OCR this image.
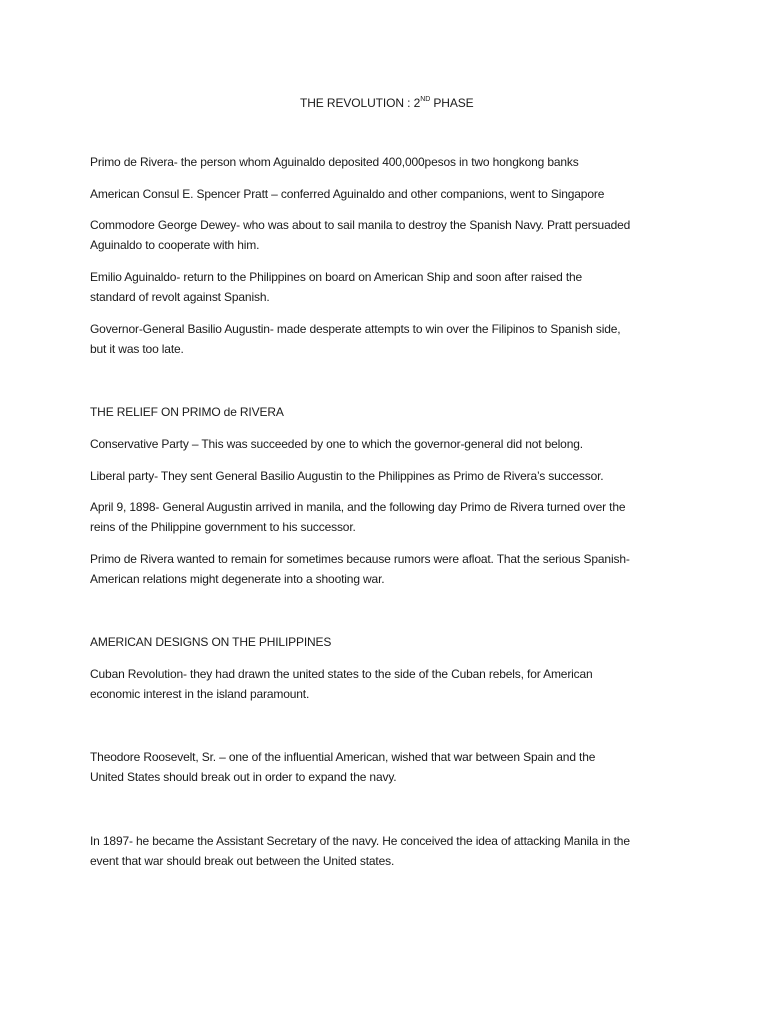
THE REVOLUTION : 2ND PHASE
Primo de Rivera- the person whom Aguinaldo deposited 400,000pesos in two hongkong banks
American Consul E. Spencer Pratt – conferred Aguinaldo and other companions, went to Singapore
Commodore George Dewey- who was about to sail manila to destroy the Spanish Navy. Pratt persuaded
Aguinaldo to cooperate with him.
Emilio Aguinaldo- return to the Philippines on board on American Ship and soon after raised the
standard of revolt against Spanish.
Governor-General Basilio Augustin- made desperate attempts to win over the Filipinos to Spanish side,
but it was too late.
THE RELIEF ON PRIMO de RIVERA
Conservative Party – This was succeeded by one to which the governor-general did not belong.
Liberal party- They sent General Basilio Augustin to the Philippines as Primo de Rivera’s successor.
April 9, 1898- General Augustin arrived in manila, and the following day Primo de Rivera turned over the
reins of the Philippine government to his successor.
Primo de Rivera wanted to remain for sometimes because rumors were afloat. That the serious Spanish-
American relations might degenerate into a shooting war.
AMERICAN DESIGNS ON THE PHILIPPINES
Cuban Revolution- they had drawn the united states to the side of the Cuban rebels, for American
economic interest in the island paramount.
Theodore Roosevelt, Sr. – one of the influential American, wished that war between Spain and the
United States should break out in order to expand the navy.
In 1897- he became the Assistant Secretary of the navy. He conceived the idea of attacking Manila in the
event that war should break out between the United states.
